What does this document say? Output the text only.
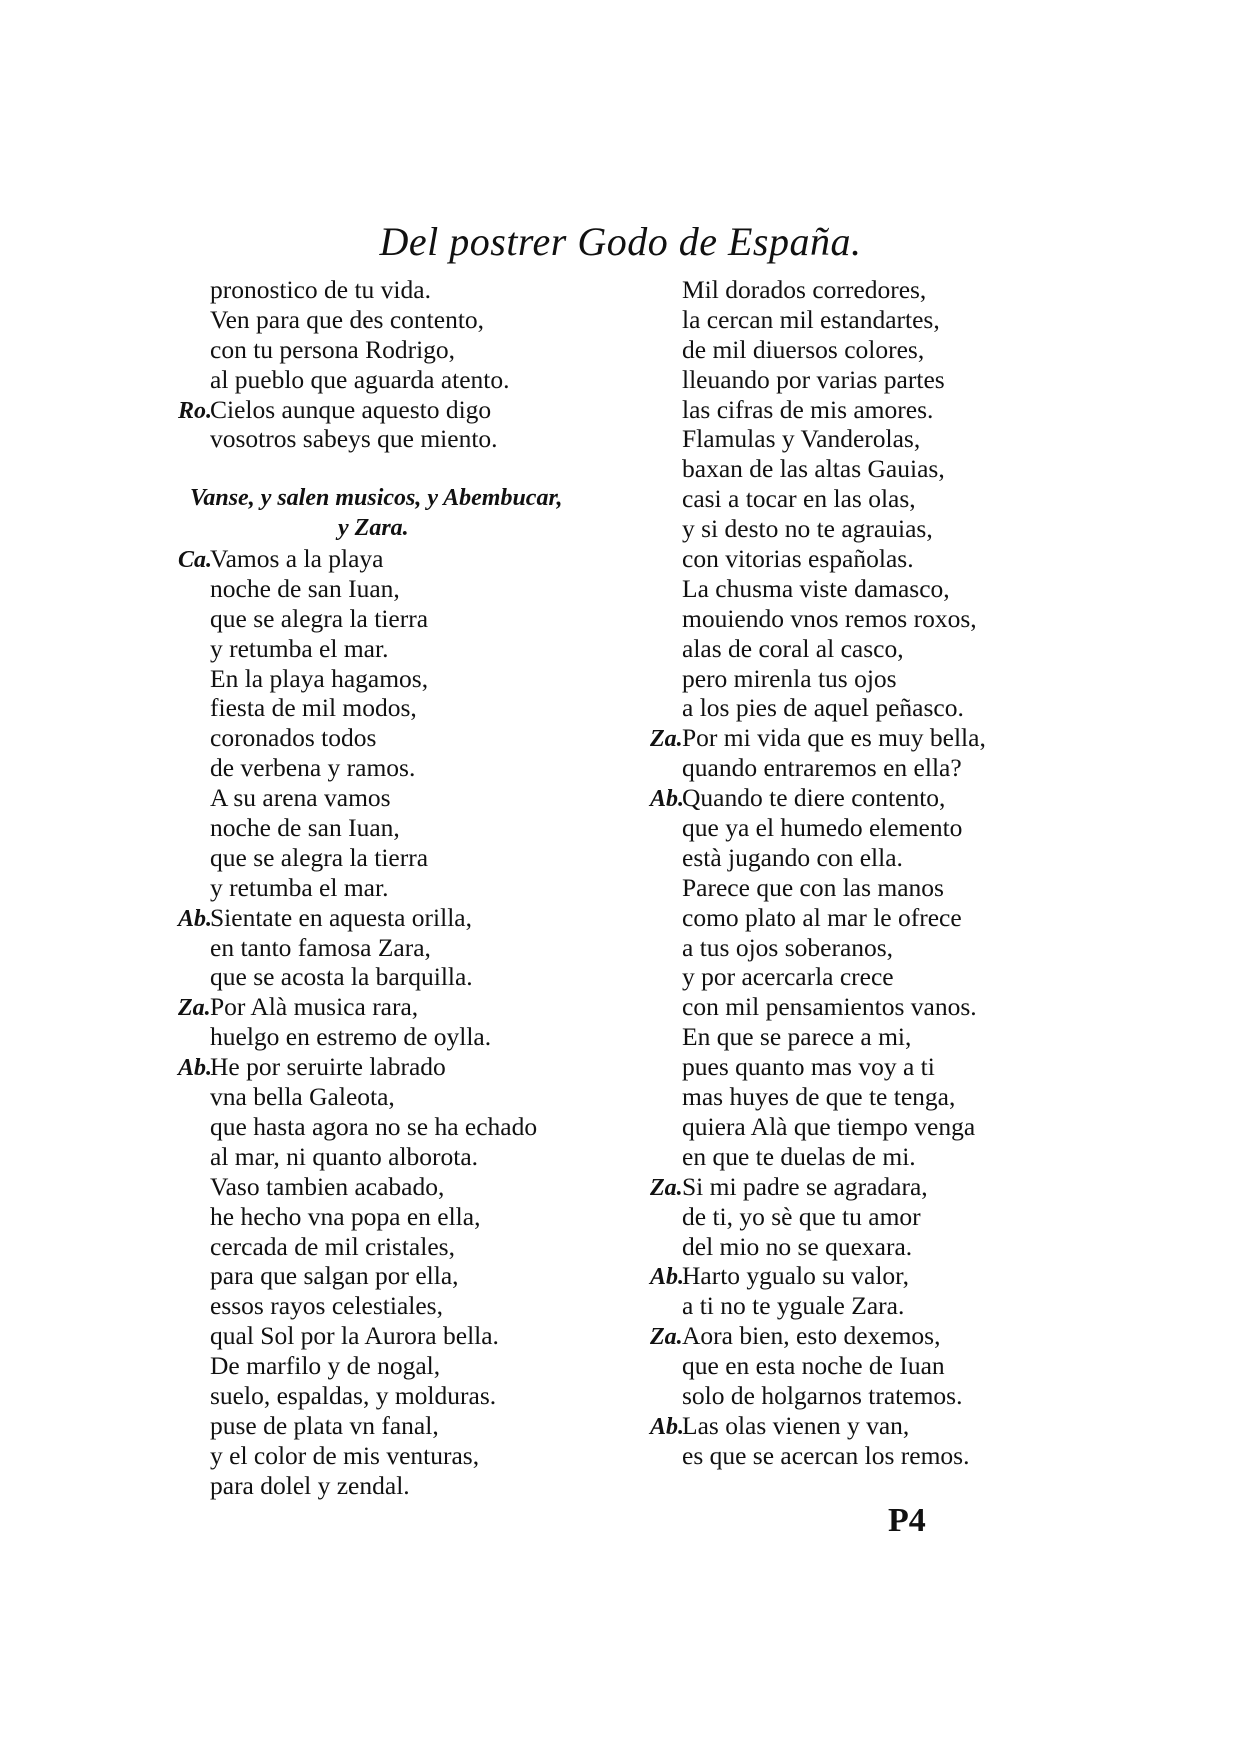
Del postrer Godo de España.
pronostico de tu vida.
Ven para que des contento,
con tu persona Rodrigo,
al pueblo que aguarda atento.
Ro.
Cielos aunque aquesto digo
vosotros sabeys que miento.
Vanse, y salen musicos, y Abembucar,
y Zara.
Ca.
Vamos a la playa
noche de san Iuan,
que se alegra la tierra
y retumba el mar.
En la playa hagamos,
fiesta de mil modos,
coronados todos
de verbena y ramos.
A su arena vamos
noche de san Iuan,
que se alegra la tierra
y retumba el mar.
Ab.
Sientate en aquesta orilla,
en tanto famosa Zara,
que se acosta la barquilla.
Za. Por Alà musica rara,
huelgo en estremo de oylla.
Ab.
He por seruirte labrado
vna bella Galeota,
que hasta agora no se ha echado
al mar, ni quanto alborota.
Vaso tambien acabado,
he hecho vna popa en ella,
cercada de mil cristales,
para que salgan por ella,
essos rayos celestiales,
qual Sol por la Aurora bella.
De marfilo y de nogal,
suelo, espaldas, y molduras.
puse de plata vn fanal,
y el color de mis venturas,
para dolel y zendal.
Mil dorados corredores,
la cercan mil estandartes,
de mil diuersos colores,
lleuando por varias partes
las cifras de mis amores.
Flamulas y Vanderolas,
baxan de las altas Gauias,
casi a tocar en las olas,
y si desto no te agrauias,
con vitorias españolas.
La chusma viste damasco,
mouiendo vnos remos roxos,
alas de coral al casco,
pero mirenla tus ojos
a los pies de aquel peñasco.
Za. Por mi vida que es muy bella,
quando entraremos en ella?
Ab.
Quando te diere contento,
que ya el humedo elemento
està jugando con ella.
Parece que con las manos
como plato al mar le ofrece
a tus ojos soberanos,
y por acercarla crece
con mil pensamientos vanos.
En que se parece a mi,
pues quanto mas voy a ti
mas huyes de que te tenga,
quiera Alà que tiempo venga
en que te duelas de mi.
Za. Si mi padre se agradara,
de ti, yo sè que tu amor
del mio no se quexara.
Ab.
Harto ygualo su valor,
a ti no te yguale Zara.
Za. Aora bien, esto dexemos,
que en esta noche de Iuan
solo de holgarnos tratemos.
Ab.
Las olas vienen y van,
es que se acercan los remos.
P4
